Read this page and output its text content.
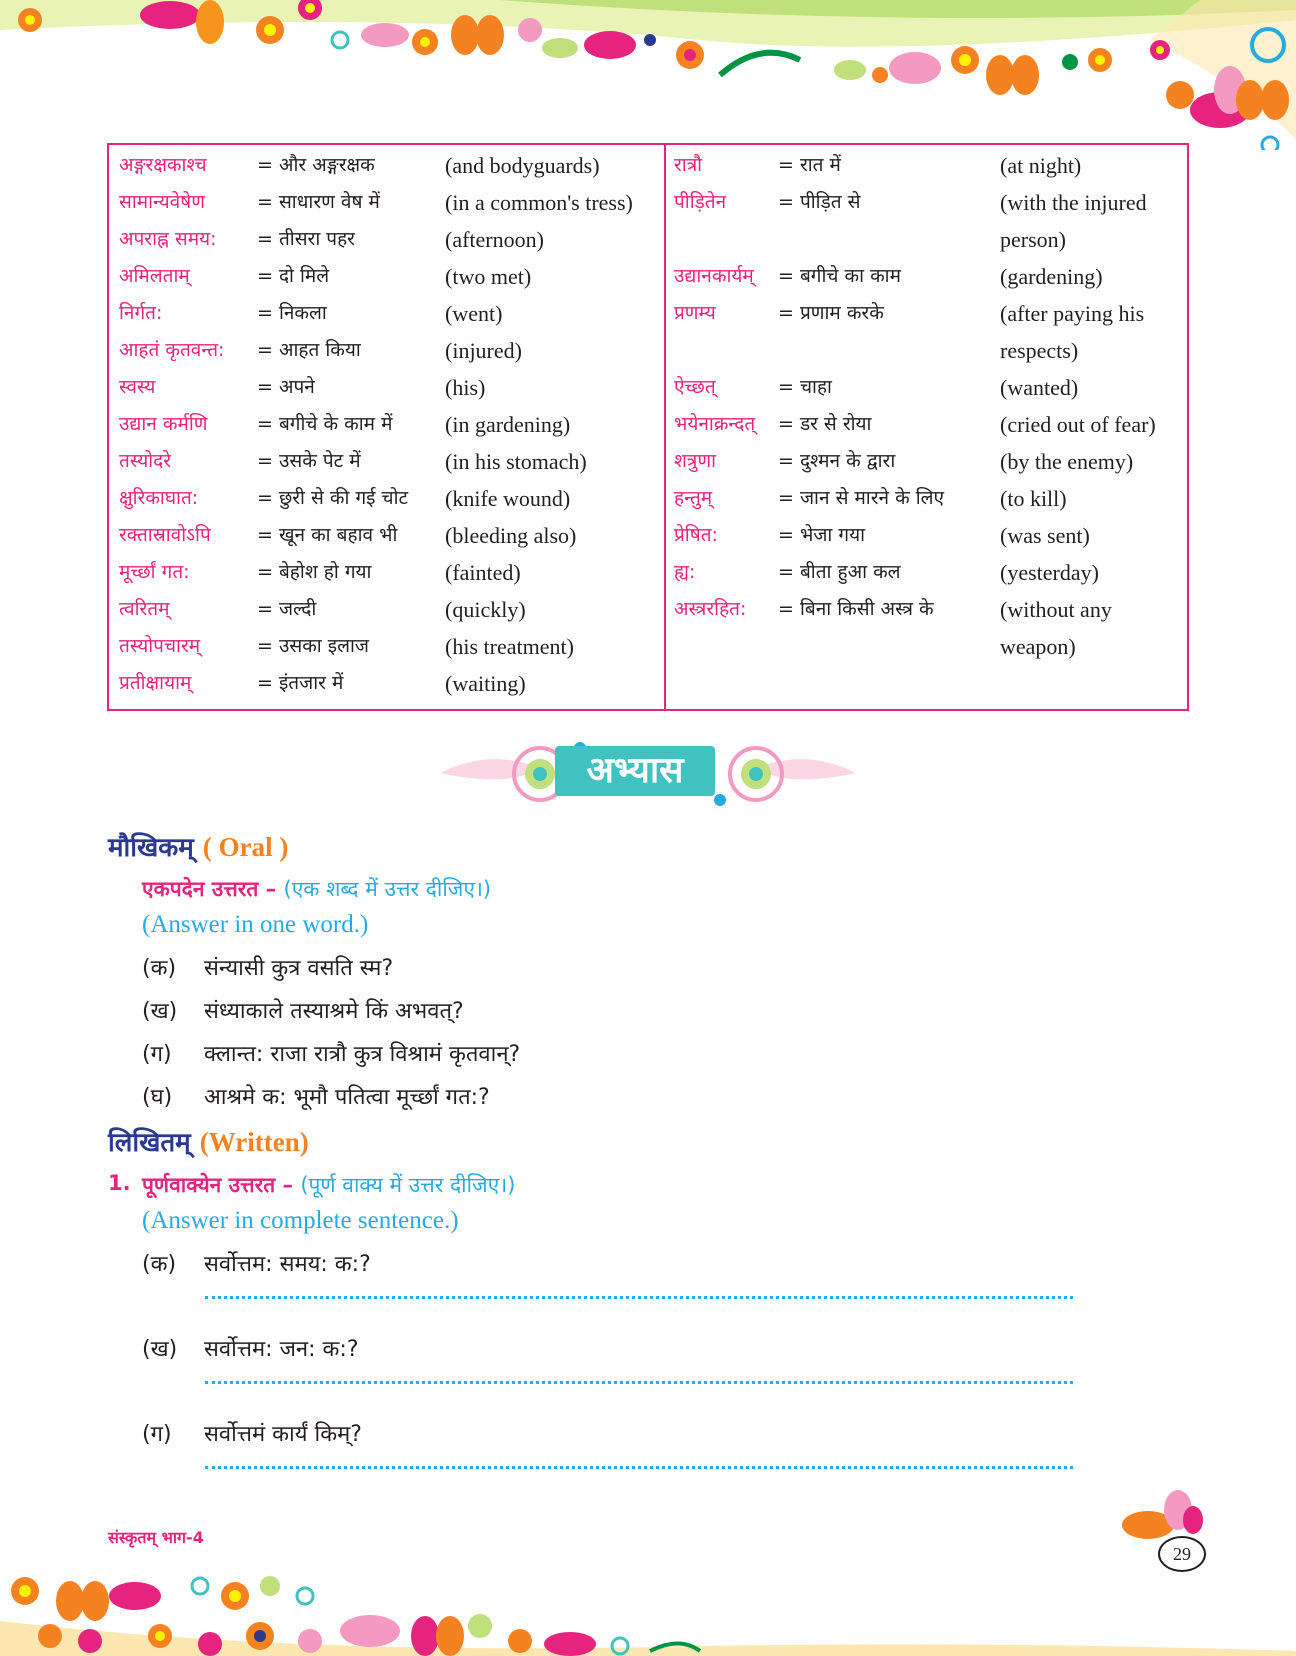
अङ्गरक्षकाश्च	= और अङ्गरक्षक	(and bodyguards)
सामान्यवेषेण	= साधारण वेष में	(in a common's tress)
अपराह्न समय: = तीसरा पहर	(afternoon)
अमिलताम्	= दो मिले	(two met)
निर्गत:	= निकला	(went)
आहतं कृतवन्त: = आहत किया	(injured)
स्वस्य	= अपने	(his)
उद्यान कर्मणि	= बगीचे के काम में (in gardening)
तस्योदरे	= उसके पेट में	(in his stomach)
क्षुरिकाघात:	= छुरी से की गई चोट (knife wound)
रक्तास्रावोऽपि = खून का बहाव भी (bleeding also)
मूर्च्छां गत:	= बेहोश हो गया	(fainted)
त्वरितम्	= जल्दी	(quickly)
तस्योपचारम्	= उसका इलाज	(his treatment)
प्रतीक्षायाम्	= इंतजार में	(waiting)
रात्रौ	= रात में	(at night)
पीड़ितेन	= पीड़ित से	(with the injured
person)
उद्यानकार्यम् = बगीचे का काम	(gardening)
प्रणम्य	= प्रणाम करके	(after paying his
respects)
ऐच्छत्	= चाहा	(wanted)
भयेनाक्रन्दत् = डर से रोया	(cried out of fear)
शत्रुणा	= दुश्मन के द्वारा	(by the enemy)
हन्तुम्	= जान से मारने के लिए	(to kill)
प्रेषित:	= भेजा गया	(was sent)
ह्य:	= बीता हुआ कल	(yesterday)
अस्त्ररहित: = बिना किसी अस्त्र के	(without any
weapon)
अभ्यास
मौखिकम् ( Oral )
एकपदेन उत्तरत – (एक शब्द में उत्तर दीजिए।)
(Answer in one word.)
(क) संन्यासी कुत्र वसति स्म?
(ख) संध्याकाले तस्याश्रमे किं अभवत्?
(ग) क्लान्त: राजा रात्रौ कुत्र विश्रामं कृतवान्?
(घ) आश्रमे क: भूमौ पतित्वा मूर्च्छां गत:?
लिखितम् (Written)
1. पूर्णवाक्येन उत्तरत – (पूर्ण वाक्य में उत्तर दीजिए।)
(Answer in complete sentence.)
(क) सर्वोत्तम: समय: क:?
(ख) सर्वोत्तम: जन: क:?
(ग) सर्वोत्तमं कार्यं किम्?
संस्कृतम् भाग-4
29
